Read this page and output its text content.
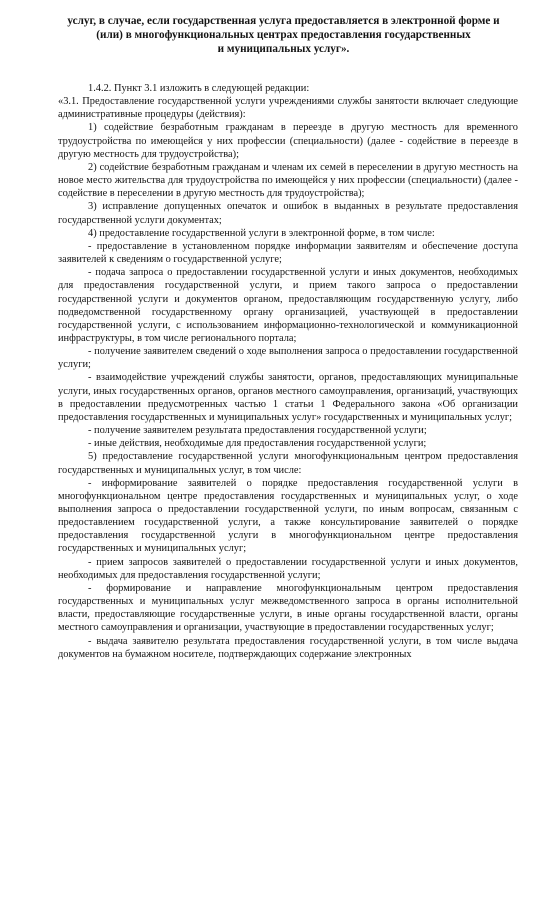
услуг, в случае, если государственная услуга предоставляется в электронной форме и
(или) в многофункциональных центрах предоставления государственных
и муниципальных услуг».

1.4.2. Пункт 3.1 изложить в следующей редакции:

«3.1. Предоставление государственной услуги учреждениями службы занятости включает следующие административные процедуры (действия):

1) содействие безработным гражданам в переезде в другую местность для временного трудоустройства по имеющейся у них профессии (специальности) (далее - содействие в переезде в другую местность для трудоустройства);

2) содействие безработным гражданам и членам их семей в переселении в другую местность на новое место жительства для трудоустройства по имеющейся у них профессии (специальности) (далее - содействие в переселении в другую местность для трудоустройства);

3) исправление допущенных опечаток и ошибок в выданных в результате предоставления государственной услуги документах;

4) предоставление государственной услуги в электронной форме, в том числе:

- предоставление в установленном порядке информации заявителям и обеспечение доступа заявителей к сведениям о государственной услуге;

- подача запроса о предоставлении государственной услуги и иных документов, необходимых для предоставления государственной услуги, и прием такого запроса о предоставлении государственной услуги и документов органом, предоставляющим государственную услугу, либо подведомственной государственному органу организацией, участвующей в предоставлении государственной услуги, с использованием информационно-технологической и коммуникационной инфраструктуры, в том числе регионального портала;

- получение заявителем сведений о ходе выполнения запроса о предоставлении государственной услуги;

- взаимодействие учреждений службы занятости, органов, предоставляющих муниципальные услуги, иных государственных органов, органов местного самоуправления, организаций, участвующих в предоставлении предусмотренных частью 1 статьи 1 Федерального закона «Об организации предоставления государственных и муниципальных услуг» государственных и муниципальных услуг;

- получение заявителем результата предоставления государственной услуги;

- иные действия, необходимые для предоставления государственной услуги;

5) предоставление государственной услуги многофункциональным центром предоставления государственных и муниципальных услуг, в том числе:

- информирование заявителей о порядке предоставления государственной услуги в многофункциональном центре предоставления государственных и муниципальных услуг, о ходе выполнения запроса о предоставлении государственной услуги, по иным вопросам, связанным с предоставлением государственной услуги, а также консультирование заявителей о порядке предоставления государственной услуги в многофункциональном центре предоставления государственных и муниципальных услуг;

- прием запросов заявителей о предоставлении государственной услуги и иных документов, необходимых для предоставления государственной услуги;

- формирование и направление многофункциональным центром предоставления государственных и муниципальных услуг межведомственного запроса в органы исполнительной власти, предоставляющие государственные услуги, в иные органы государственной власти, органы местного самоуправления и организации, участвующие в предоставлении государственных услуг;

- выдача заявителю результата предоставления государственной услуги, в том числе выдача документов на бумажном носителе, подтверждающих содержание электронных
